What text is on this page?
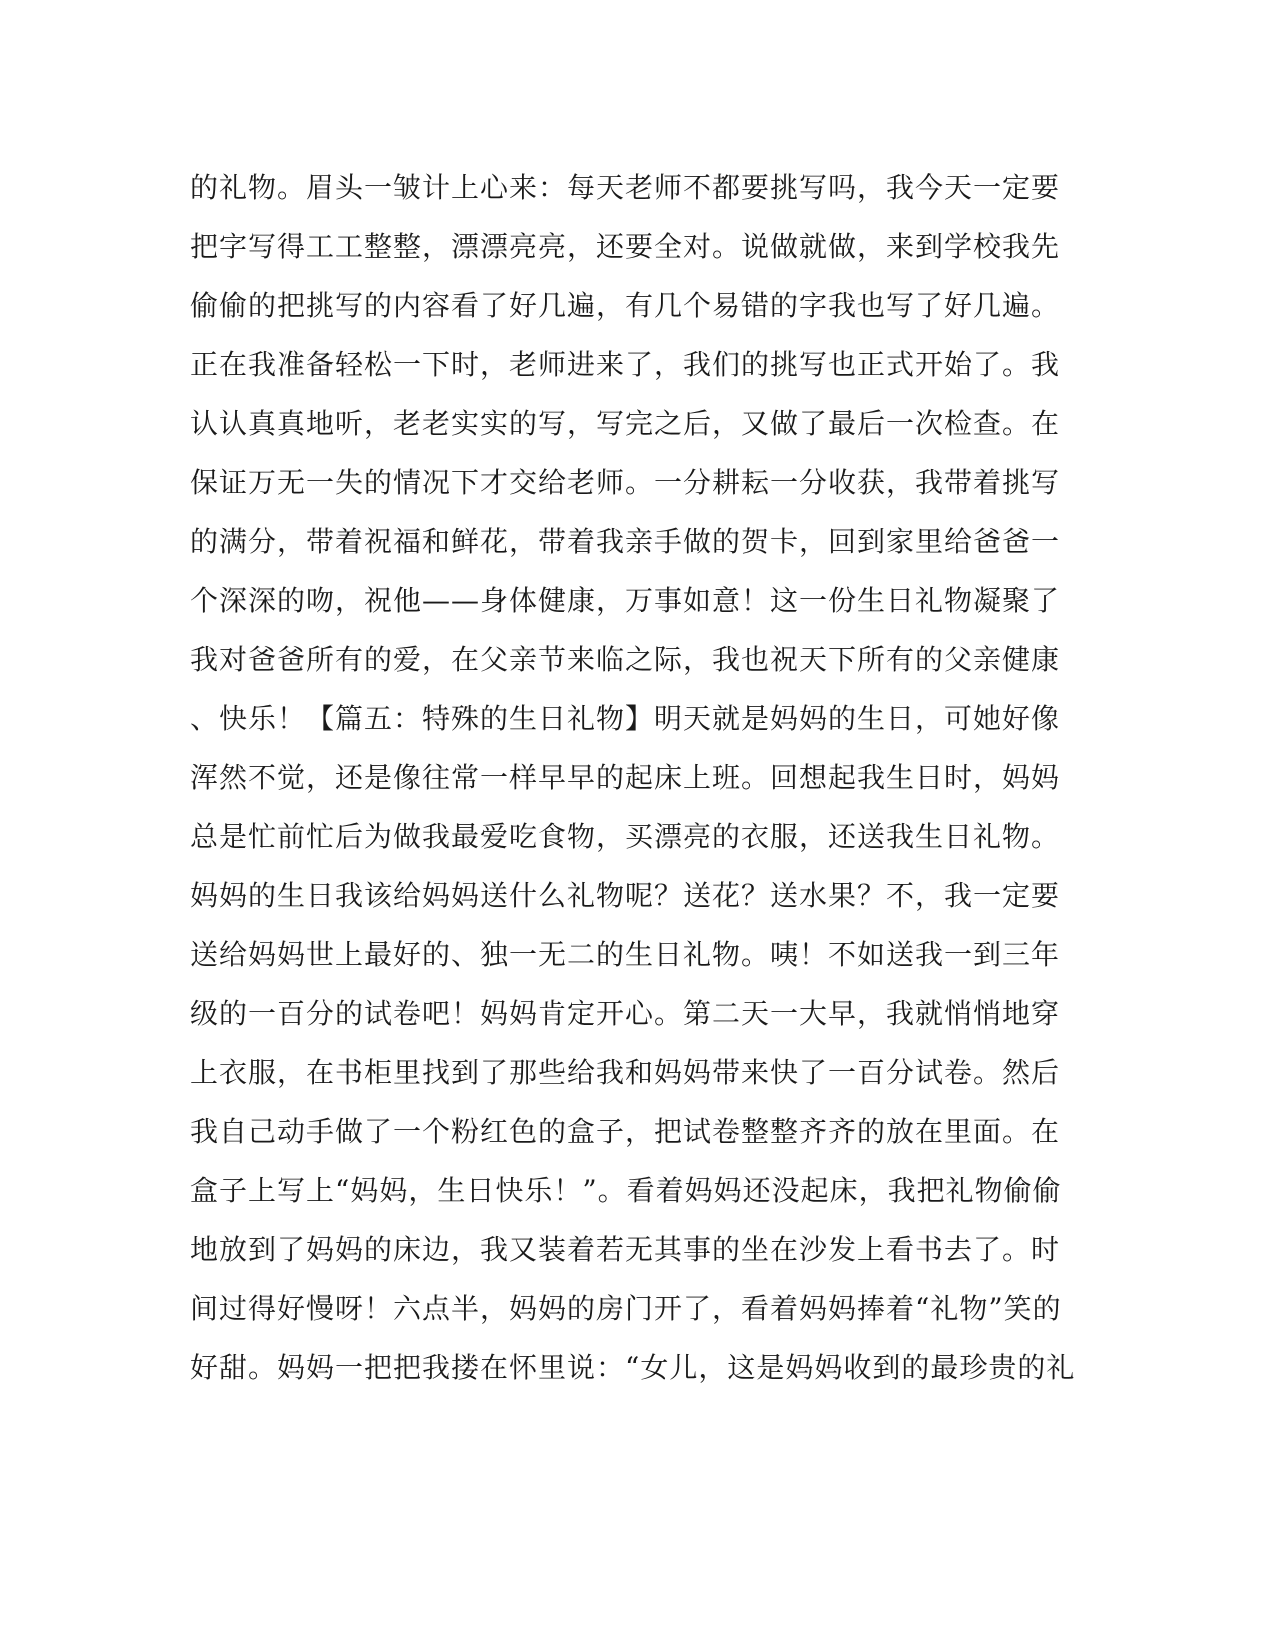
的礼物。眉头一皱计上心来：每天老师不都要挑写吗，我今天一定要
把字写得工工整整，漂漂亮亮，还要全对。说做就做，来到学校我先
偷偷的把挑写的内容看了好几遍，有几个易错的字我也写了好几遍。
正在我准备轻松一下时，老师进来了，我们的挑写也正式开始了。我
认认真真地听，老老实实的写，写完之后，又做了最后一次检查。在
保证万无一失的情况下才交给老师。一分耕耘一分收获，我带着挑写
的满分，带着祝福和鲜花，带着我亲手做的贺卡，回到家里给爸爸一
个深深的吻，祝他——身体健康，万事如意！这一份生日礼物凝聚了
我对爸爸所有的爱，在父亲节来临之际，我也祝天下所有的父亲健康
、快乐！【篇五：特殊的生日礼物】明天就是妈妈的生日，可她好像
浑然不觉，还是像往常一样早早的起床上班。回想起我生日时，妈妈
总是忙前忙后为做我最爱吃食物，买漂亮的衣服，还送我生日礼物。
妈妈的生日我该给妈妈送什么礼物呢？送花？送水果？不，我一定要
送给妈妈世上最好的、独一无二的生日礼物。咦！不如送我一到三年
级的一百分的试卷吧！妈妈肯定开心。第二天一大早，我就悄悄地穿
上衣服，在书柜里找到了那些给我和妈妈带来快了一百分试卷。然后
我自己动手做了一个粉红色的盒子，把试卷整整齐齐的放在里面。在
盒子上写上“妈妈，生日快乐！”。看着妈妈还没起床，我把礼物偷偷
地放到了妈妈的床边，我又装着若无其事的坐在沙发上看书去了。时
间过得好慢呀！六点半，妈妈的房门开了，看着妈妈捧着“礼物”笑的
好甜。妈妈一把把我搂在怀里说：“女儿，这是妈妈收到的最珍贵的礼
